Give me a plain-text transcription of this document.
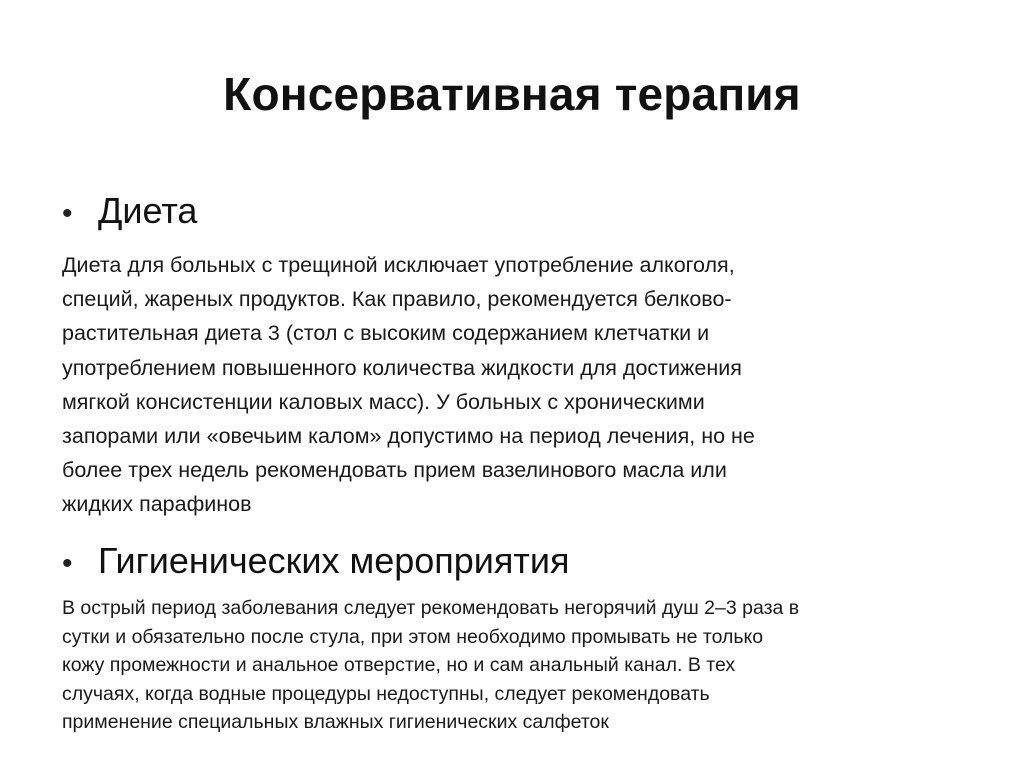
Консервативная терапия
• Диета

Диета для больных с трещиной исключает употребление алкоголя,
специй, жареных продуктов. Как правило, рекомендуется белково-
растительная диета 3 (стол с высоким содержанием клетчатки и
употреблением повышенного количества жидкости для достижения
мягкой консистенции каловых масс). У больных с хроническими
запорами или «овечьим калом» допустимо на период лечения, но не
более трех недель рекомендовать прием вазелинового масла или
жидких парафинов

• Гигиенических мероприятия

В острый период заболевания следует рекомендовать негорячий душ 2–3 раза в
сутки и обязательно после стула, при этом необходимо промывать не только
кожу промежности и анальное отверстие, но и сам анальный канал. В тех
случаях, когда водные процедуры недоступны, следует рекомендовать
применение специальных влажных гигиенических салфеток
